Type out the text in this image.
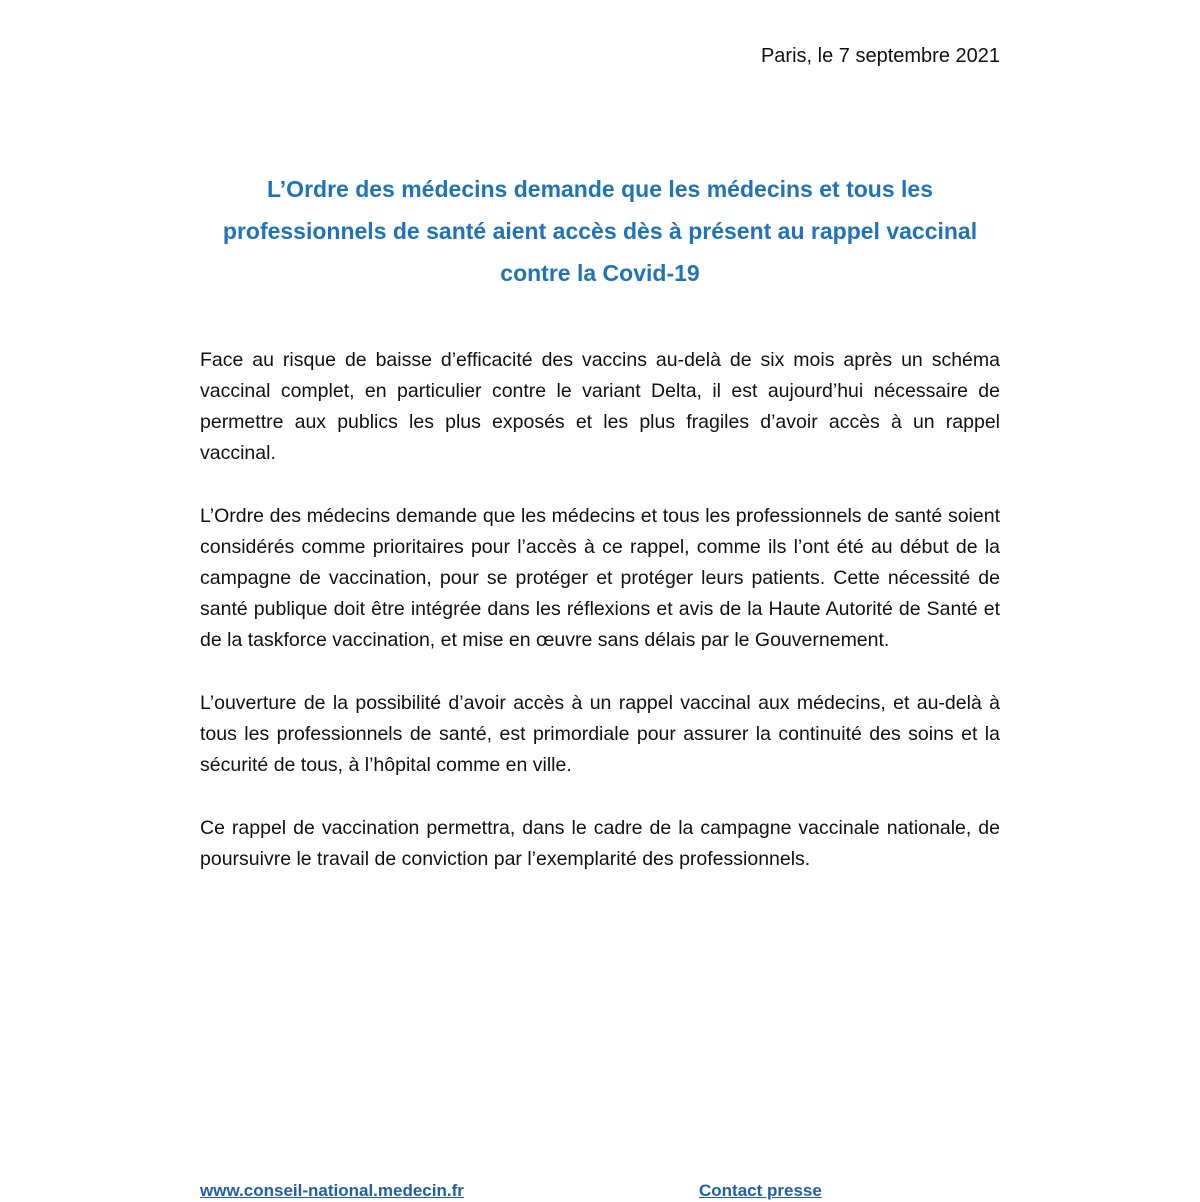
Paris, le 7 septembre 2021
L’Ordre des médecins demande que les médecins et tous les
professionnels de santé aient accès dès à présent au rappel vaccinal
contre la Covid-19

Face au risque de baisse d’efficacité des vaccins au-delà de six mois après un schéma vaccinal complet, en particulier contre le variant Delta, il est aujourd’hui nécessaire de permettre aux publics les plus exposés et les plus fragiles d’avoir accès à un rappel vaccinal.

L’Ordre des médecins demande que les médecins et tous les professionnels de santé soient considérés comme prioritaires pour l’accès à ce rappel, comme ils l’ont été au début de la campagne de vaccination, pour se protéger et protéger leurs patients. Cette nécessité de santé publique doit être intégrée dans les réflexions et avis de la Haute Autorité de Santé et de la taskforce vaccination, et mise en œuvre sans délais par le Gouvernement.

L’ouverture de la possibilité d’avoir accès à un rappel vaccinal aux médecins, et au-delà à tous les professionnels de santé, est primordiale pour assurer la continuité des soins et la sécurité de tous, à l’hôpital comme en ville.

Ce rappel de vaccination permettra, dans le cadre de la campagne vaccinale nationale, de poursuivre le travail de conviction par l’exemplarité des professionnels.

www.conseil-national.medecin.fr	Contact presse
